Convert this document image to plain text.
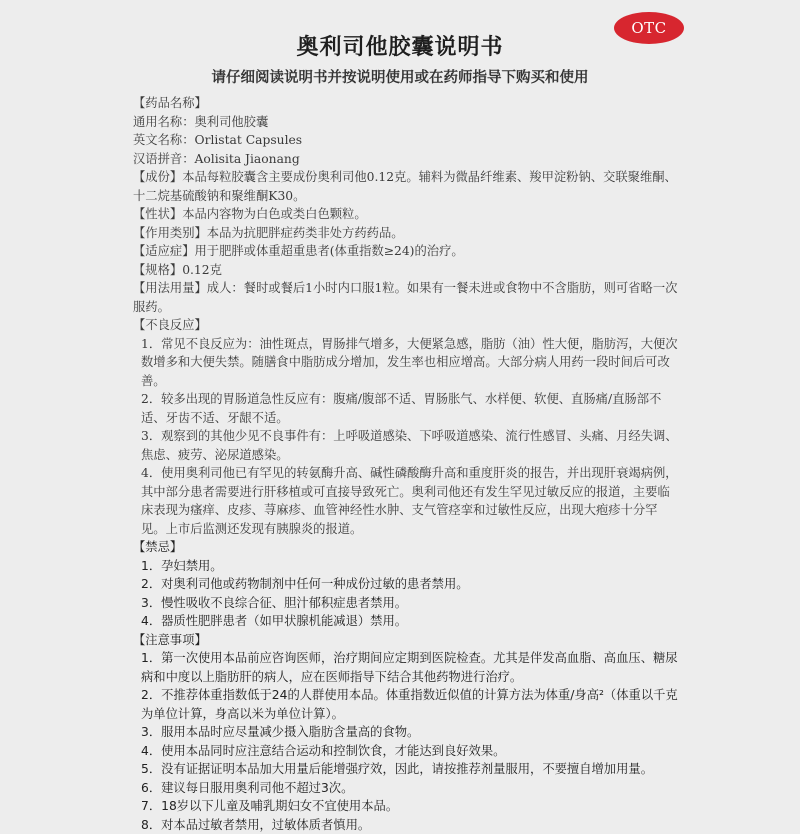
OTC
奥利司他胶囊说明书
请仔细阅读说明书并按说明使用或在药师指导下购买和使用
【药品名称】
通用名称：奥利司他胶囊
英文名称：Orlistat Capsules
汉语拼音：Aolisita Jiaonang
【成份】本品每粒胶囊含主要成份奥利司他0.12克。辅料为微晶纤维素、羧甲淀粉钠、交联聚维酮、十二烷基硫酸钠和聚维酮K30。
【性状】本品内容物为白色或类白色颗粒。
【作用类别】本品为抗肥胖症药类非处方药药品。
【适应症】用于肥胖或体重超重患者(体重指数≥24)的治疗。
【规格】0.12克
【用法用量】成人：餐时或餐后1小时内口服1粒。如果有一餐未进或食物中不含脂肪，则可省略一次服药。
【不良反应】
1．常见不良反应为：油性斑点，胃肠排气增多，大便紧急感，脂肪（油）性大便，脂肪泻，大便次数增多和大便失禁。随膳食中脂肪成分增加，发生率也相应增高。大部分病人用药一段时间后可改善。
2．较多出现的胃肠道急性反应有：腹痛/腹部不适、胃肠胀气、水样便、软便、直肠痛/直肠部不适、牙齿不适、牙龈不适。
3．观察到的其他少见不良事件有：上呼吸道感染、下呼吸道感染、流行性感冒、头痛、月经失调、焦虑、疲劳、泌尿道感染。
4．使用奥利司他已有罕见的转氨酶升高、碱性磷酸酶升高和重度肝炎的报告，并出现肝衰竭病例，其中部分患者需要进行肝移植或可直接导致死亡。奥利司他还有发生罕见过敏反应的报道，主要临床表现为瘙痒、皮疹、荨麻疹、血管神经性水肿、支气管痉挛和过敏性反应，出现大疱疹十分罕见。上市后监测还发现有胰腺炎的报道。
【禁忌】
1．孕妇禁用。
2．对奥利司他或药物制剂中任何一种成份过敏的患者禁用。
3．慢性吸收不良综合征、胆汁郁积症患者禁用。
4．器质性肥胖患者（如甲状腺机能减退）禁用。
【注意事项】
1．第一次使用本品前应咨询医师，治疗期间应定期到医院检查。尤其是伴发高血脂、高血压、糖尿病和中度以上脂肪肝的病人，应在医师指导下结合其他药物进行治疗。
2．不推荐体重指数低于24的人群使用本品。体重指数近似值的计算方法为体重/身高²（体重以千克为单位计算，身高以米为单位计算）。
3．服用本品时应尽量减少摄入脂肪含量高的食物。
4．使用本品同时应注意结合运动和控制饮食，才能达到良好效果。
5．没有证据证明本品加大用量后能增强疗效，因此，请按推荐剂量服用，不要擅自增加用量。
6．建议每日服用奥利司他不超过3次。
7．18岁以下儿童及哺乳期妇女不宜使用本品。
8．对本品过敏者禁用，过敏体质者慎用。
